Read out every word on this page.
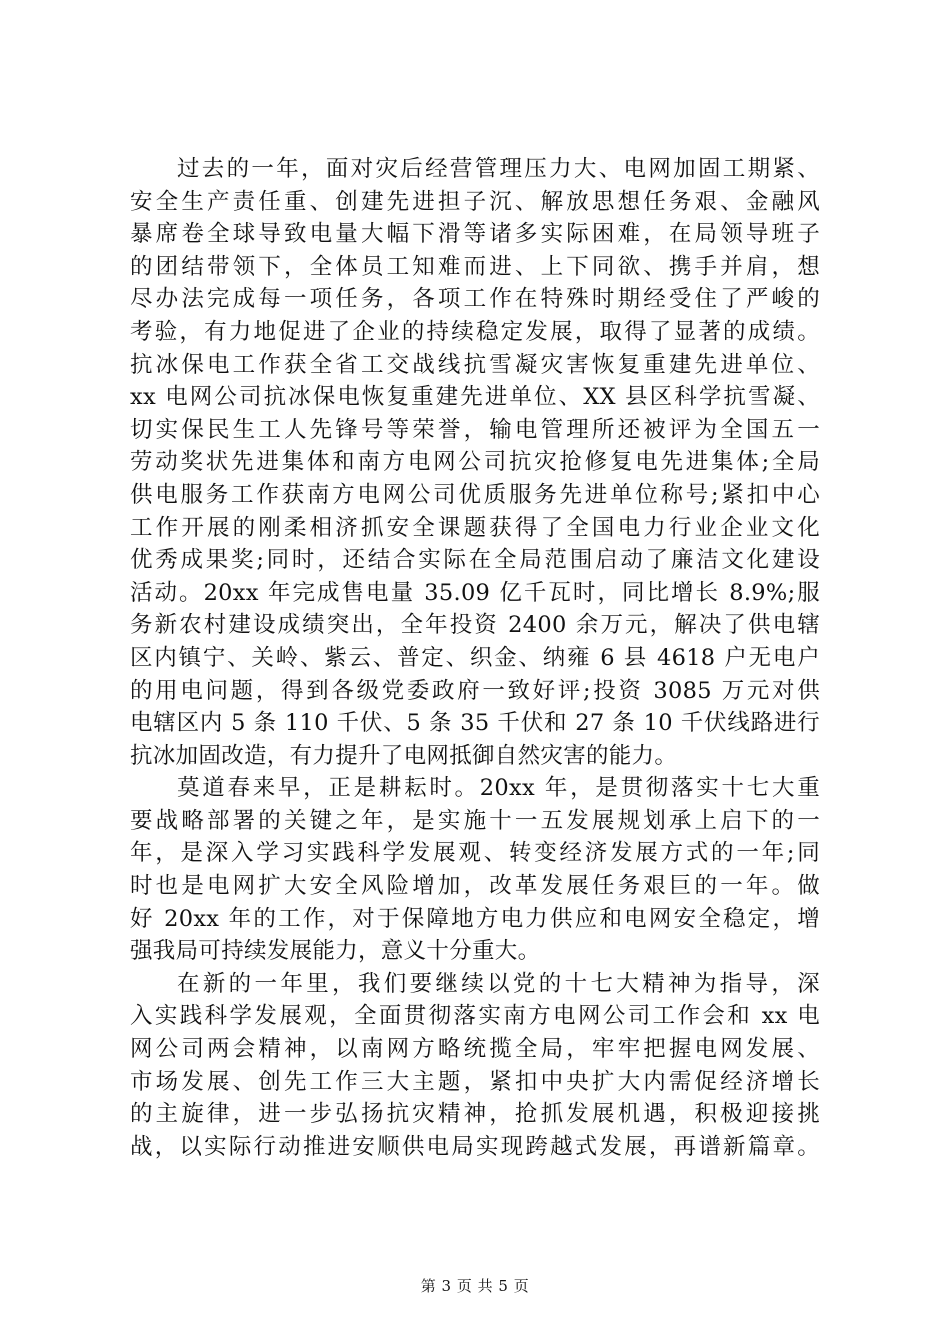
过去的一年，面对灾后经营管理压力大、电网加固工期紧、
安全生产责任重、创建先进担子沉、解放思想任务艰、金融风
暴席卷全球导致电量大幅下滑等诸多实际困难，在局领导班子
的团结带领下，全体员工知难而进、上下同欲、携手并肩，想
尽办法完成每一项任务，各项工作在特殊时期经受住了严峻的
考验，有力地促进了企业的持续稳定发展，取得了显著的成绩。
抗冰保电工作获全省工交战线抗雪凝灾害恢复重建先进单位、
xx 电网公司抗冰保电恢复重建先进单位、XX 县区科学抗雪凝、
切实保民生工人先锋号等荣誉，输电管理所还被评为全国五一
劳动奖状先进集体和南方电网公司抗灾抢修复电先进集体;全局
供电服务工作获南方电网公司优质服务先进单位称号;紧扣中心
工作开展的刚柔相济抓安全课题获得了全国电力行业企业文化
优秀成果奖;同时，还结合实际在全局范围启动了廉洁文化建设
活动。20xx 年完成售电量 35.09 亿千瓦时，同比增长 8.9%;服
务新农村建设成绩突出，全年投资 2400 余万元，解决了供电辖
区内镇宁、关岭、紫云、普定、织金、纳雍 6 县 4618 户无电户
的用电问题，得到各级党委政府一致好评;投资 3085 万元对供
电辖区内 5 条 110 千伏、5 条 35 千伏和 27 条 10 千伏线路进行
抗冰加固改造，有力提升了电网抵御自然灾害的能力。
莫道春来早，正是耕耘时。20xx 年，是贯彻落实十七大重
要战略部署的关键之年，是实施十一五发展规划承上启下的一
年，是深入学习实践科学发展观、转变经济发展方式的一年;同
时也是电网扩大安全风险增加，改革发展任务艰巨的一年。做
好 20xx 年的工作，对于保障地方电力供应和电网安全稳定，增
强我局可持续发展能力，意义十分重大。
在新的一年里，我们要继续以党的十七大精神为指导，深
入实践科学发展观，全面贯彻落实南方电网公司工作会和 xx 电
网公司两会精神，以南网方略统揽全局，牢牢把握电网发展、
市场发展、创先工作三大主题，紧扣中央扩大内需促经济增长
的主旋律，进一步弘扬抗灾精神，抢抓发展机遇，积极迎接挑
战，以实际行动推进安顺供电局实现跨越式发展，再谱新篇章。
第 3 页 共 5 页
